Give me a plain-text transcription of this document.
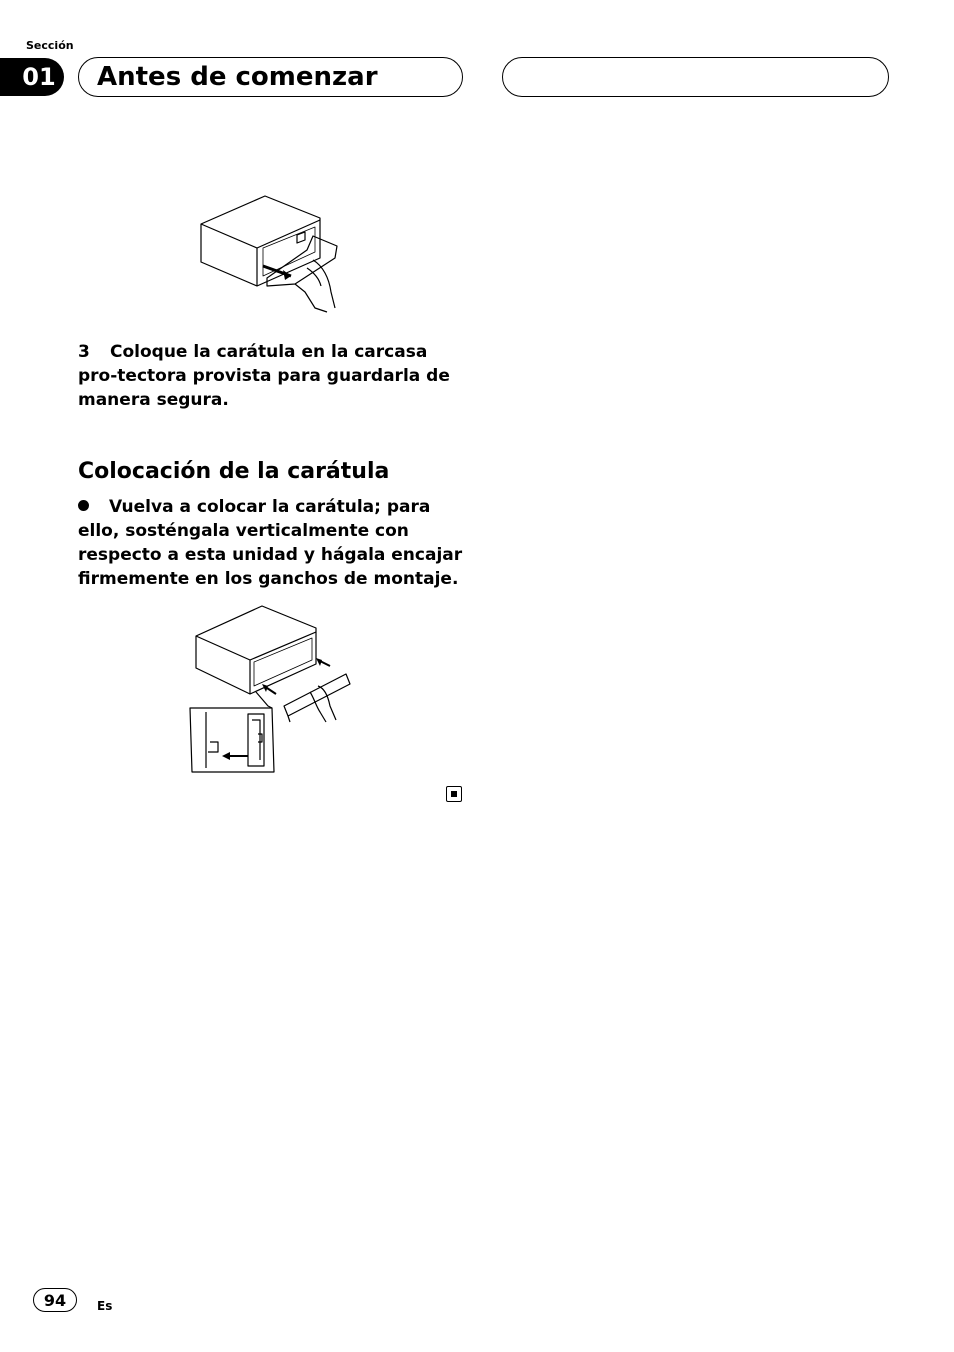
Sección
01 Antes de comenzar
3 Coloque la carátula en la carcasa pro-tectora provista para guardarla de manera segura.
Colocación de la carátula
Vuelva a colocar la carátula; para ello, sosténgala verticalmente con respecto a esta unidad y hágala encajar firmemente en los ganchos de montaje.
94	Es
